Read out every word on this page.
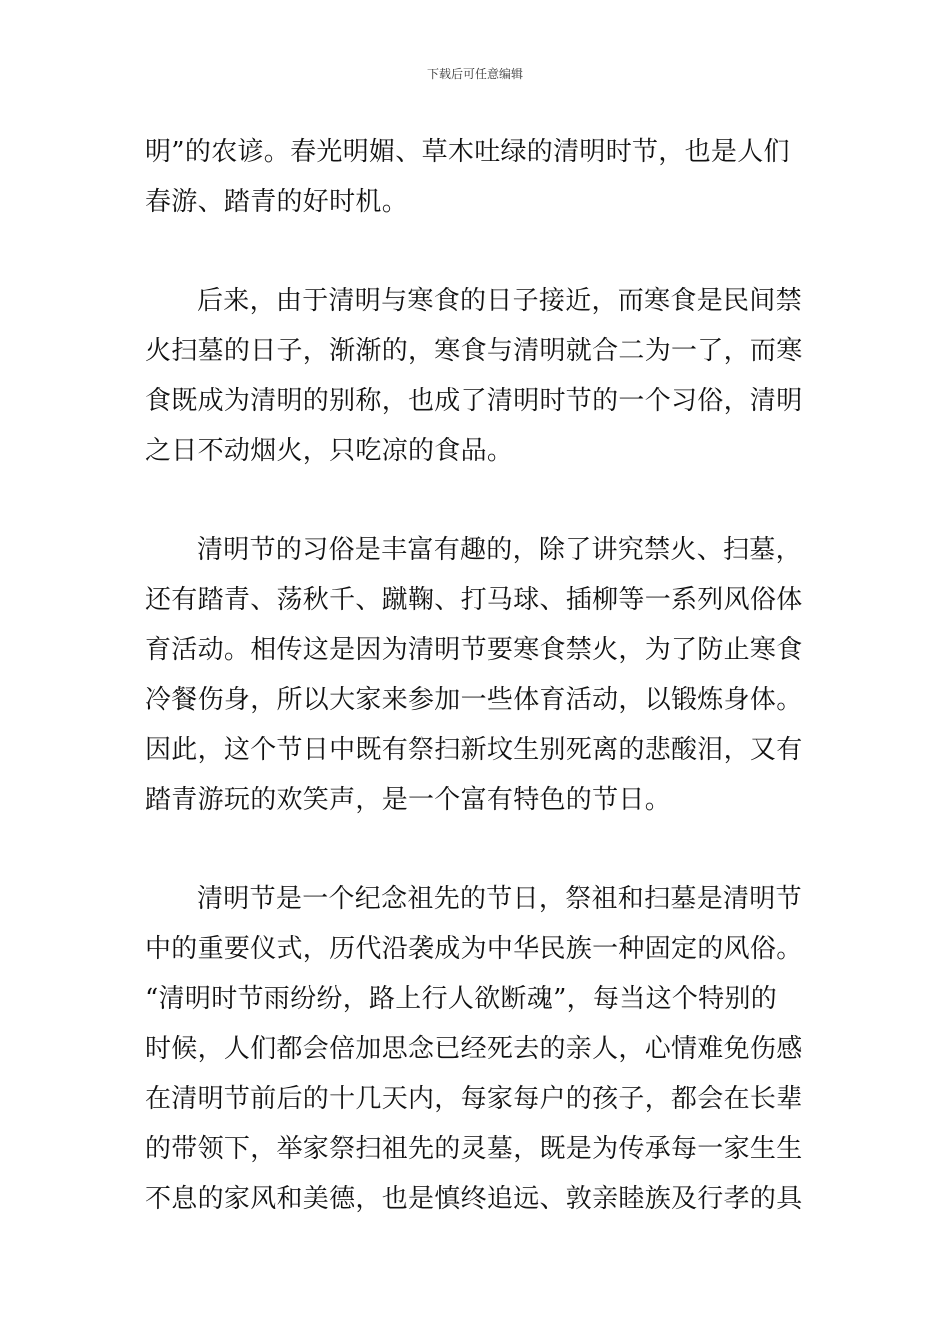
下载后可任意编辑

明”的农谚。春光明媚、草木吐绿的清明时节，也是人们
春游、踏青的好时机。

后来，由于清明与寒食的日子接近，而寒食是民间禁
火扫墓的日子，渐渐的，寒食与清明就合二为一了，而寒
食既成为清明的别称，也成了清明时节的一个习俗，清明
之日不动烟火，只吃凉的食品。

清明节的习俗是丰富有趣的，除了讲究禁火、扫墓，
还有踏青、荡秋千、蹴鞠、打马球、插柳等一系列风俗体
育活动。相传这是因为清明节要寒食禁火，为了防止寒食
冷餐伤身，所以大家来参加一些体育活动，以锻炼身体。
因此，这个节日中既有祭扫新坟生别死离的悲酸泪，又有
踏青游玩的欢笑声，是一个富有特色的节日。

清明节是一个纪念祖先的节日，祭祖和扫墓是清明节
中的重要仪式，历代沿袭成为中华民族一种固定的风俗。
“清明时节雨纷纷，路上行人欲断魂”，每当这个特别的
时候，人们都会倍加思念已经死去的亲人，心情难免伤感
在清明节前后的十几天内，每家每户的孩子，都会在长辈
的带领下，举家祭扫祖先的灵墓，既是为传承每一家生生
不息的家风和美德，也是慎终追远、敦亲睦族及行孝的具
